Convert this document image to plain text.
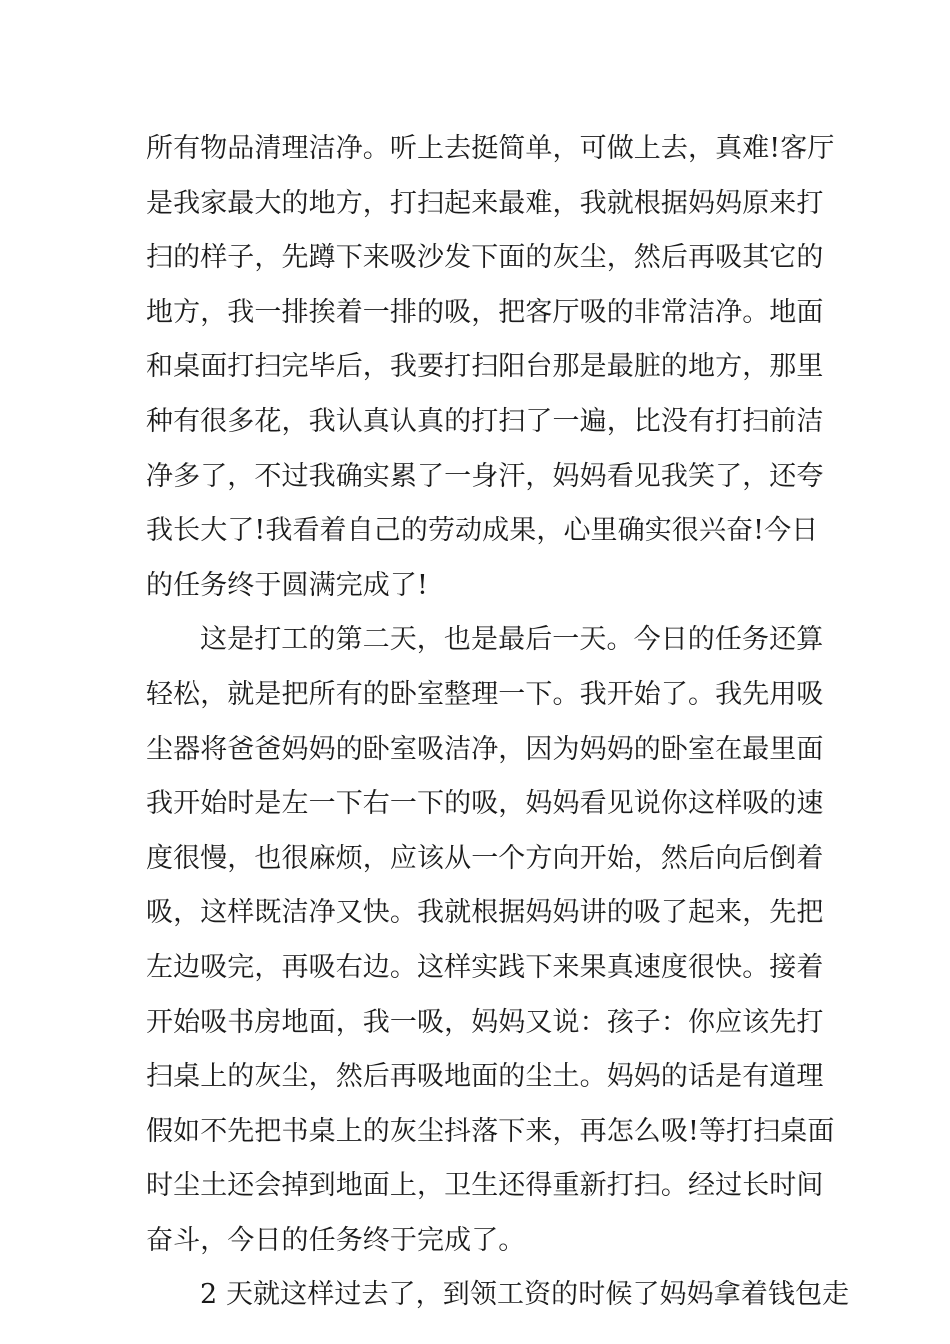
所有物品清理洁净。听上去挺简单，可做上去，真难!客厅
是我家最大的地方，打扫起来最难，我就根据妈妈原来打
扫的样子，先蹲下来吸沙发下面的灰尘，然后再吸其它的
地方，我一排挨着一排的吸，把客厅吸的非常洁净。地面
和桌面打扫完毕后，我要打扫阳台那是最脏的地方，那里
种有很多花，我认真认真的打扫了一遍，比没有打扫前洁
净多了，不过我确实累了一身汗，妈妈看见我笑了，还夸
我长大了!我看着自己的劳动成果，心里确实很兴奋!今日
的任务终于圆满完成了!
这是打工的第二天，也是最后一天。今日的任务还算
轻松，就是把所有的卧室整理一下。我开始了。我先用吸
尘器将爸爸妈妈的卧室吸洁净，因为妈妈的卧室在最里面
我开始时是左一下右一下的吸，妈妈看见说你这样吸的速
度很慢，也很麻烦，应该从一个方向开始，然后向后倒着
吸，这样既洁净又快。我就根据妈妈讲的吸了起来，先把
左边吸完，再吸右边。这样实践下来果真速度很快。接着
开始吸书房地面，我一吸，妈妈又说：孩子：你应该先打
扫桌上的灰尘，然后再吸地面的尘土。妈妈的话是有道理
假如不先把书桌上的灰尘抖落下来，再怎么吸!等打扫桌面
时尘土还会掉到地面上，卫生还得重新打扫。经过长时间
奋斗，今日的任务终于完成了。
2 天就这样过去了，到领工资的时候了妈妈拿着钱包走
